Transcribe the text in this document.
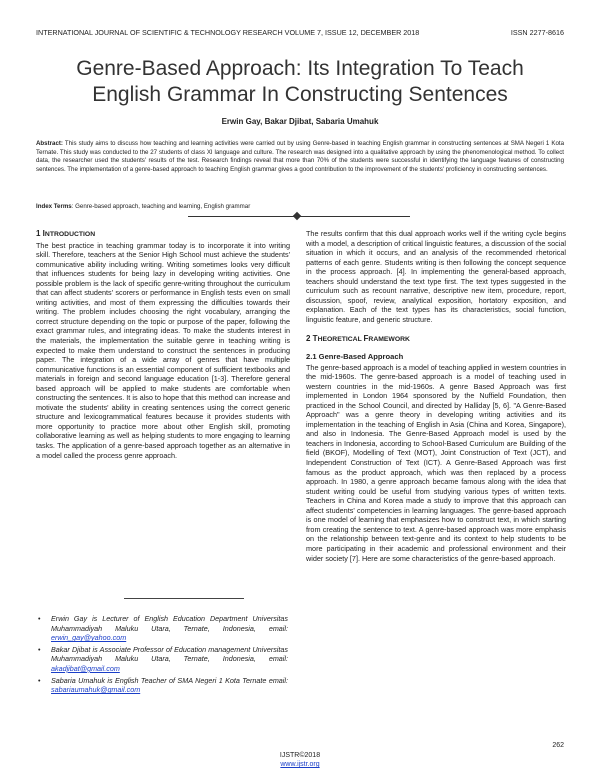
INTERNATIONAL JOURNAL OF SCIENTIFIC & TECHNOLOGY RESEARCH VOLUME 7, ISSUE 12, DECEMBER 2018	ISSN 2277-8616
Genre-Based Approach: Its Integration To Teach
English Grammar In Constructing Sentences
Erwin Gay, Bakar Djibat, Sabaria Umahuk
Abstract: This study aims to discuss how teaching and learning activities were carried out by using Genre-based in teaching English grammar in constructing sentences at SMA Negeri 1 Kota Ternate. This study was conducted to the 27 students of class XI language and culture. The research was designed into a qualitative approach by using the phenomenological method. To collect data, the researcher used the students' results of the test. Research findings reveal that more than 70% of the students were successful in identifying the language features of constructing sentences. The implementation of a genre-based approach to teaching English grammar gives a good contribution to the improvement of the students' proficiency in constructing sentences.
Index Terms: Genre-based approach, teaching and learning, English grammar
1 INTRODUCTION

The best practice in teaching grammar today is to incorporate it into writing skill. Therefore, teachers at the Senior High School must achieve the students' communicative ability including writing. Writing sometimes looks very difficult that influences students for being lazy in developing writing activities. One possible problem is the lack of specific genre-writing throughout the curriculum that can affect students' scorers or performance in English tests even on small writing activities, and most of them expressing the difficulties towards their writing. The problem includes choosing the right vocabulary, arranging the correct structure depending on the topic or purpose of the paper, following the exact grammar rules, and integrating ideas. To make the students interest in the materials, the implementation the suitable genre in teaching writing is expected to make them understand to construct the sentences in producing paper. The integration of a wide array of genres that have multiple communicative functions is an essential component of sufficient textbooks and materials in foreign and second language education [1-3]. Therefore general based approach will be applied to make students are comfortable when constructing the sentences. It is also to hope that this method can increase and motivate the students' ability in creating sentences using the correct generic structure and lexicogrammatical features because it provides students with more opportunity to practice more about other English skill, promoting collaborative learning as well as helping students to more engaging to learning tasks. The application of a genre-based approach together as an alternative in a model called the process genre approach.

The results confirm that this dual approach works well if the writing cycle begins with a model, a description of critical linguistic features, a discussion of the social situation in which it occurs, and an analysis of the recommended rhetorical patterns of each genre. Students writing is then following the concept sequence in the process approach. [4]. In implementing the general-based approach, teachers should understand the text type first. The text types suggested in the curriculum such as recount narrative, descriptive new item, procedure, report, discussion, spoof, review, analytical exposition, hortatory exposition, and explanation. Each of the text types has its characteristics, social function, linguistic feature, and generic structure.

2 THEORETICAL FRAMEWORK
2.1 Genre-Based Approach

The genre-based approach is a model of teaching applied in western countries in the mid-1960s. The genre-based approach is a model of teaching used in western countries in the mid-1960s. A genre Based Approach was first implemented in London 1964 sponsored by the Nuffield Foundation, then practiced in the School Council, and directed by Halliday [5, 6]. "A Genre-Based Approach" was a genre theory in developing writing activities and its implementation in the teaching of English in Asia (China and Korea, Singapore), and also in Indonesia. The Genre-Based Approach model is used by the teachers in Indonesia, according to School-Based Curriculum are Building of the field (BKOF), Modelling of Text (MOT), Joint Construction of Text (JCT), and Independent Construction of Text (ICT). A Genre-Based Approach was first famous as the product approach, which was then replaced by a process approach. In 1980, a genre approach became famous along with the idea that student writing could be useful from studying various types of written texts. Teachers in China and Korea made a study to improve that this approach can affect students' competencies in learning languages. The genre-based approach is one model of learning that emphasizes how to construct text, in which starting from creating the sentence to text. A genre-based approach was more emphasis on the relationship between text-genre and its context to help students to be more participating in their academic and professional environment and their wider society [7]. Here are some characteristics of the genre-based approach.

• Erwin Gay is Lecturer of English Education Department Universitas Muhammadiyah Maluku Utara, Ternate, Indonesia, email: erwin_gay@yahoo.com
• Bakar Djibat is Associate Professor of Education management Universitas Muhammadiyah Maluku Utara, Ternate, Indonesia, email: akadjibat@gmail.com
• Sabaria Umahuk is English Teacher of SMA Negeri 1 Kota Ternate email: sabariaumahuk@gmail.com
262
IJSTR©2018
www.ijstr.org
